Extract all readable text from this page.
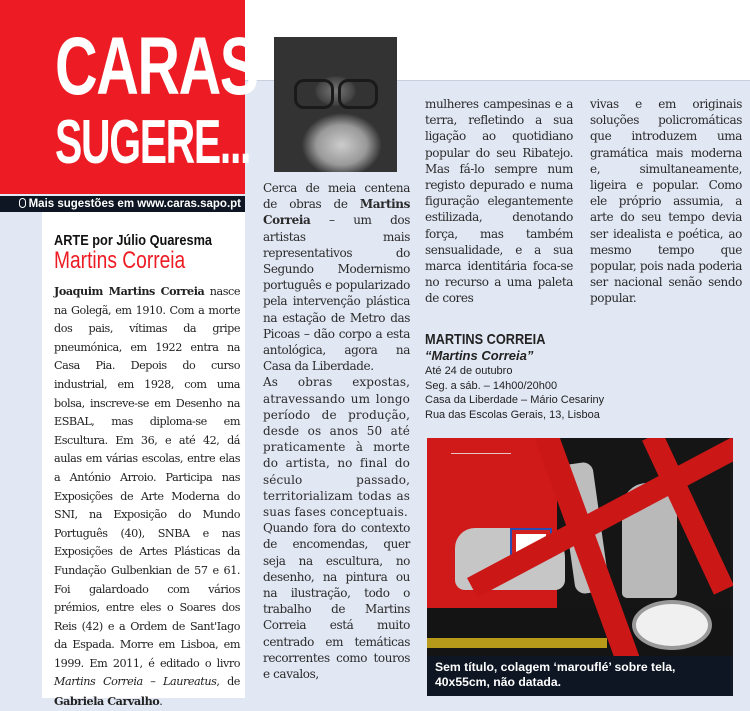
CARAS
SUGERE...
Mais sugestões em www.caras.sapo.pt
ARTE por Júlio Quaresma
Martins Correia
Joaquim Martins Correia nasce na Golegã, em 1910. Com a morte dos pais, vítimas da gripe pneumónica, em 1922 entra na Casa Pia. Depois do curso industrial, em 1928, com uma bolsa, inscreve-se em Desenho na ESBAL, mas diploma-se em Escultura. Em 36, e até 42, dá aulas em várias escolas, entre elas a António Arroio. Participa nas Exposições de Arte Moderna do SNI, na Exposição do Mundo Português (40), SNBA e nas Exposições de Artes Plásticas da Fundação Gulbenkian de 57 e 61. Foi galardoado com vários prémios, entre eles o Soares dos Reis (42) e a Ordem de Sant'Iago da Espada. Morre em Lisboa, em 1999. Em 2011, é editado o livro Martins Correia – Laureatus, de Gabriela Carvalho.

Cerca de meia centena de obras de Martins Correia – um dos artistas mais representativos do Segundo Modernismo português e popularizado pela intervenção plástica na estação de Metro das Picoas – dão corpo a esta antológica, agora na Casa da Liberdade.

As obras expostas, atravessando um longo período de produção, desde os anos 50 até praticamente à morte do artista, no final do século passado, territorializam todas as suas fases conceptuais.

Quando fora do contexto de encomendas, quer seja na escultura, no desenho, na pintura ou na ilustração, todo o trabalho de Martins Correia está muito centrado em temáticas recorrentes como touros e cavalos,

mulheres campesinas e a terra, refletindo a sua ligação ao quotidiano popular do seu Ribatejo. Mas fá-lo sempre num registo depurado e numa figuração elegantemente estilizada, denotando força, mas também sensualidade, e a sua marca identitária foca-se no recurso a uma paleta de cores

vivas e em originais soluções policromáticas que introduzem uma gramática mais moderna e, simultaneamente, ligeira e popular. Como ele próprio assumia, a arte do seu tempo devia ser idealista e poética, ao mesmo tempo que popular, pois nada poderia ser nacional senão sendo popular.

MARTINS CORREIA
“Martins Correia”
Até 24 de outubro
Seg. a sáb. – 14h00/20h00
Casa da Liberdade – Mário Cesariny
Rua das Escolas Gerais, 13, Lisboa
Sem título, colagem ‘marouflé’ sobre tela, 40x55cm, não datada.
